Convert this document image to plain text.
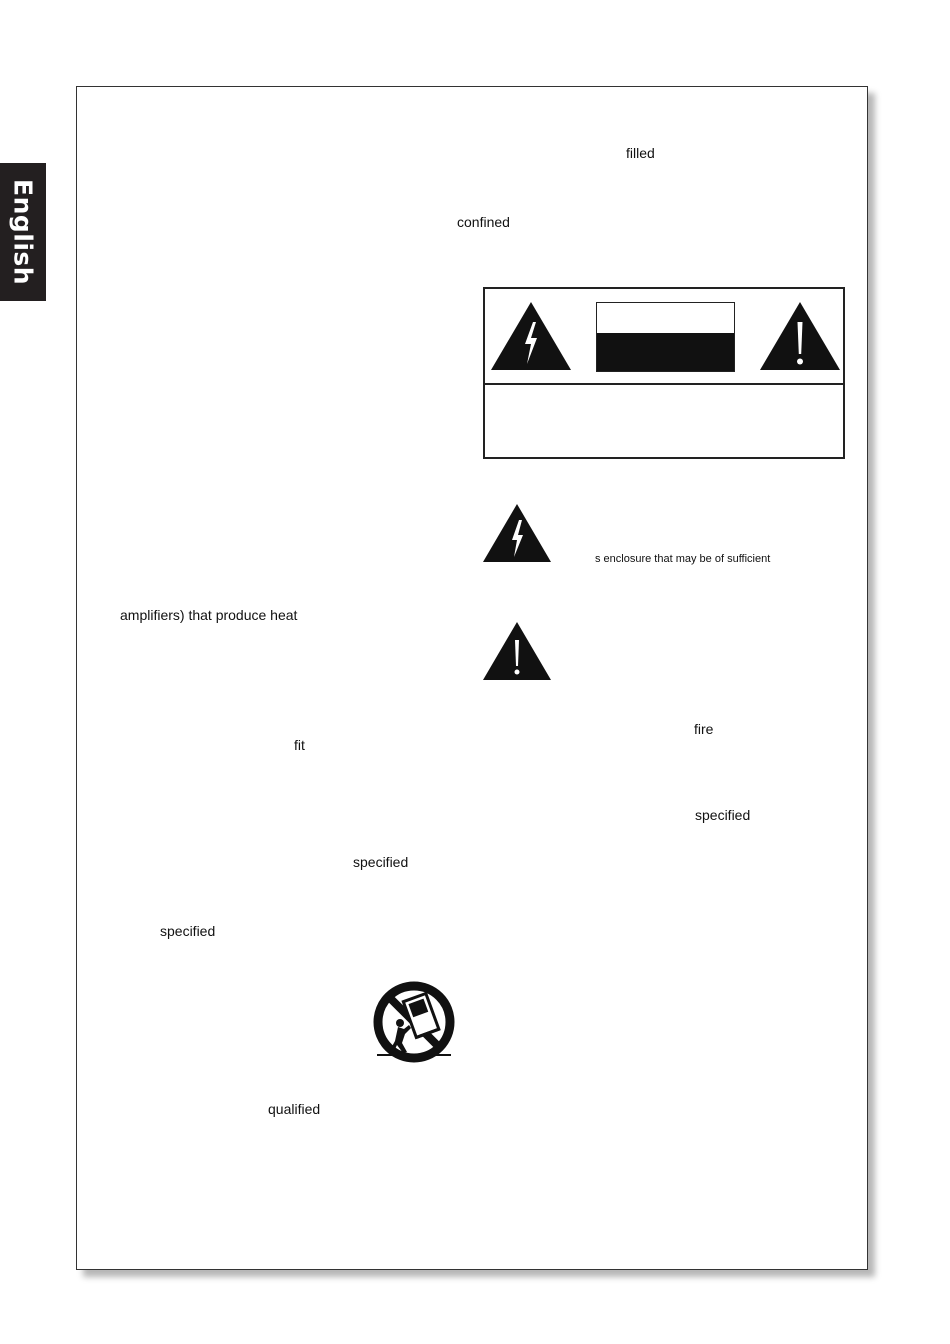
English
filled
confined
s enclosure that may be of sufficient
amplifiers) that produce heat
fire
fit
specified
specified
specified
qualified
